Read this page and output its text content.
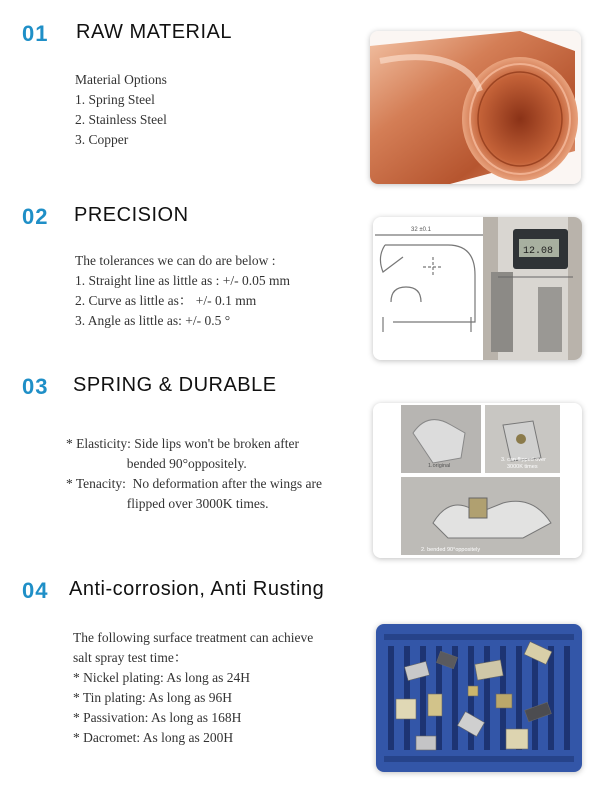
01 RAW MATERIAL
Material Options
1. Spring Steel
2. Stainless Steel
3. Copper
02 PRECISION
The tolerances we can do are below :
1. Straight line as little as : +/- 0.05 mm
2. Curve as little as： +/- 0.1 mm
3. Angle as little as: +/- 0.5 °
32 ±0.1
12.08
03 SPRING & DURABLE
* Elasticity: Side lips won't be broken after
bended 90°oppositely.
* Tenacity:  No deformation after the wings are
flipped over 3000K times.
1.original
3. can flipped over 3000K times
2. bended 90°oppositely
04 Anti-corrosion, Anti Rusting
The following surface treatment can achieve
salt spray test time：
* Nickel plating: As long as 24H
* Tin plating: As long as 96H
* Passivation: As long as 168H
* Dacromet: As long as 200H
